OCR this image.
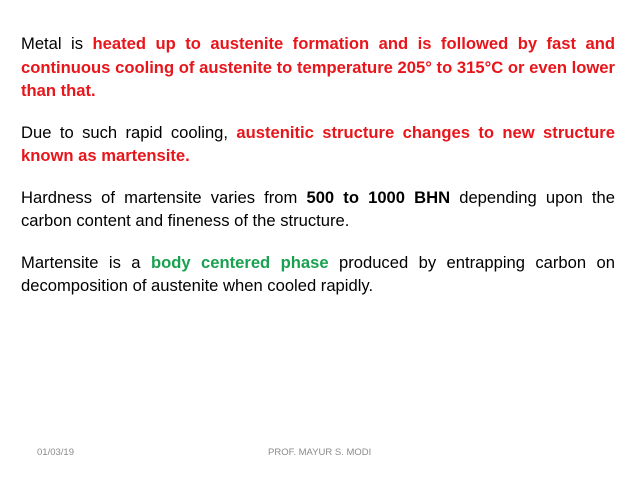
Metal is heated up to austenite formation and is followed by fast and continuous cooling of austenite to temperature 205° to 315°C or even lower than that.

Due to such rapid cooling, austenitic structure changes to new structure known as martensite.

Hardness of martensite varies from 500 to 1000 BHN depending upon the carbon content and fineness of the structure.

Martensite is a body centered phase produced by entrapping carbon on decomposition of austenite when cooled rapidly.

01/03/19	PROF. MAYUR S. MODI
